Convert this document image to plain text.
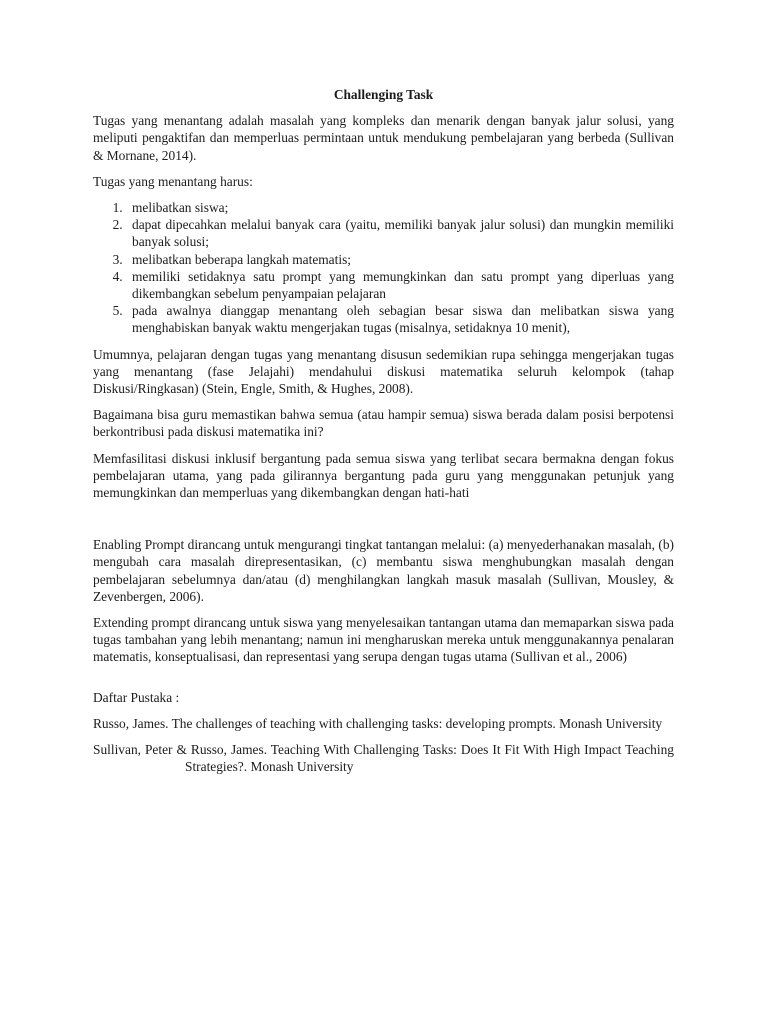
Challenging Task

Tugas yang menantang adalah masalah yang kompleks dan menarik dengan banyak jalur solusi, yang meliputi pengaktifan dan memperluas permintaan untuk mendukung pembelajaran yang berbeda (Sullivan & Mornane, 2014).

Tugas yang menantang harus:

1. melibatkan siswa;
2. dapat dipecahkan melalui banyak cara (yaitu, memiliki banyak jalur solusi) dan mungkin memiliki banyak solusi;
3. melibatkan beberapa langkah matematis;
4. memiliki setidaknya satu prompt yang memungkinkan dan satu prompt yang diperluas yang dikembangkan sebelum penyampaian pelajaran
5. pada awalnya dianggap menantang oleh sebagian besar siswa dan melibatkan siswa yang menghabiskan banyak waktu mengerjakan tugas (misalnya, setidaknya 10 menit),

Umumnya, pelajaran dengan tugas yang menantang disusun sedemikian rupa sehingga mengerjakan tugas yang menantang (fase Jelajahi) mendahului diskusi matematika seluruh kelompok (tahap Diskusi/Ringkasan) (Stein, Engle, Smith, & Hughes, 2008).

Bagaimana bisa guru memastikan bahwa semua (atau hampir semua) siswa berada dalam posisi berpotensi berkontribusi pada diskusi matematika ini?

Memfasilitasi diskusi inklusif bergantung pada semua siswa yang terlibat secara bermakna dengan fokus pembelajaran utama, yang pada gilirannya bergantung pada guru yang menggunakan petunjuk yang memungkinkan dan memperluas yang dikembangkan dengan hati-hati

Enabling Prompt dirancang untuk mengurangi tingkat tantangan melalui: (a) menyederhanakan masalah, (b) mengubah cara masalah direpresentasikan, (c) membantu siswa menghubungkan masalah dengan pembelajaran sebelumnya dan/atau (d) menghilangkan langkah masuk masalah (Sullivan, Mousley, & Zevenbergen, 2006).

Extending prompt dirancang untuk siswa yang menyelesaikan tantangan utama dan memaparkan siswa pada tugas tambahan yang lebih menantang; namun ini mengharuskan mereka untuk menggunakannya penalaran matematis, konseptualisasi, dan representasi yang serupa dengan tugas utama (Sullivan et al., 2006)

Daftar Pustaka :

Russo, James. The challenges of teaching with challenging tasks: developing prompts. Monash University

Sullivan, Peter & Russo, James. Teaching With Challenging Tasks: Does It Fit With High Impact Teaching Strategies?. Monash University
